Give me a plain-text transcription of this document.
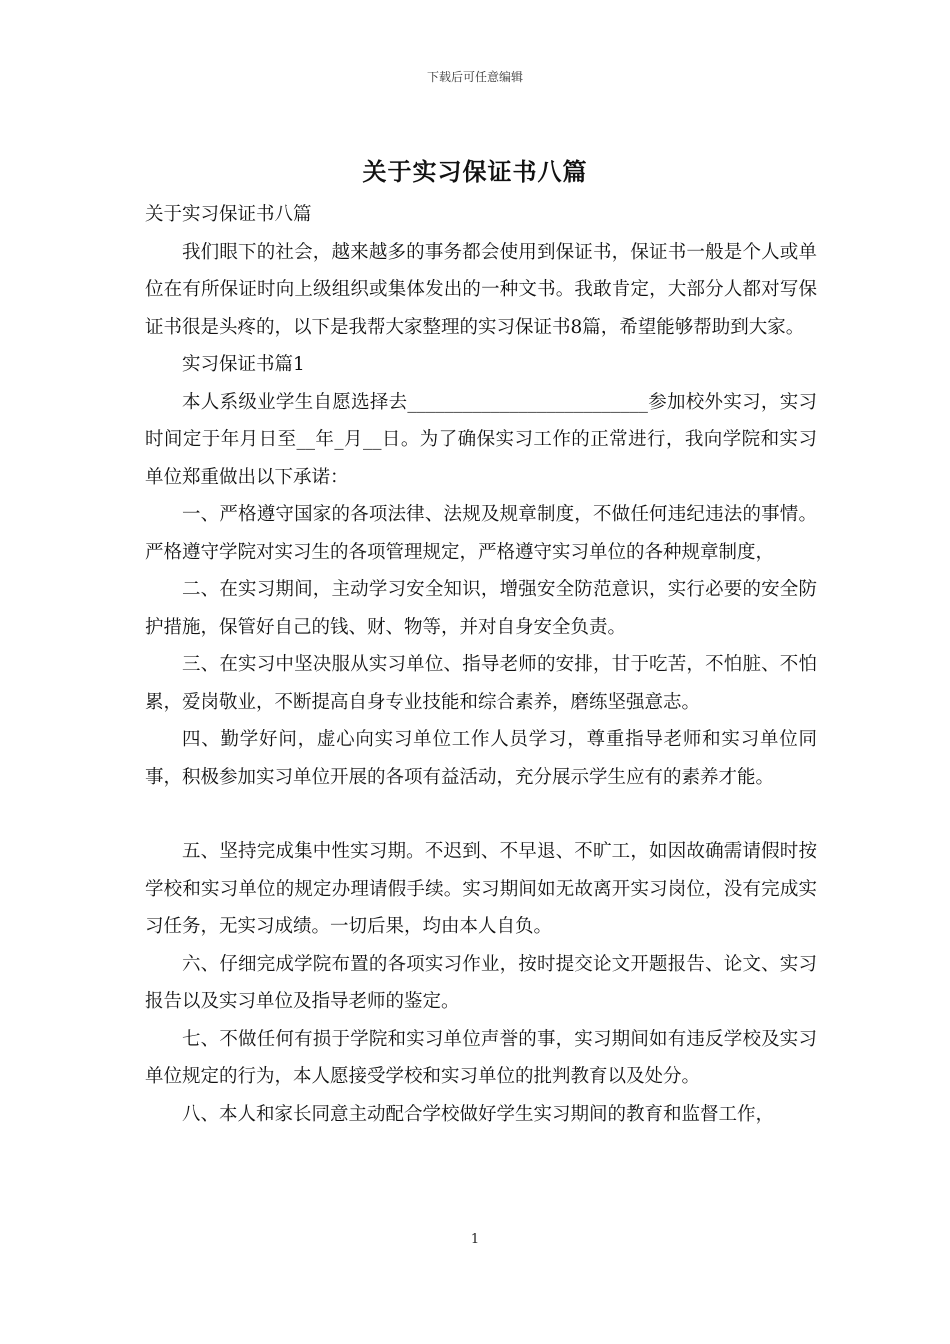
下载后可任意编辑
关于实习保证书八篇

关于实习保证书八篇

我们眼下的社会，越来越多的事务都会使用到保证书，保证书一般是个人或单位在有所保证时向上级组织或集体发出的一种文书。我敢肯定，大部分人都对写保证书很是头疼的，以下是我帮大家整理的实习保证书8篇，希望能够帮助到大家。

实习保证书篇1

本人系级业学生自愿选择去__________________________参加校外实习，实习时间定于年月日至__年_月__日。为了确保实习工作的正常进行，我向学院和实习单位郑重做出以下承诺：

一、严格遵守国家的各项法律、法规及规章制度，不做任何违纪违法的事情。严格遵守学院对实习生的各项管理规定，严格遵守实习单位的各种规章制度，

二、在实习期间，主动学习安全知识，增强安全防范意识，实行必要的安全防护措施，保管好自己的钱、财、物等，并对自身安全负责。

三、在实习中坚决服从实习单位、指导老师的安排，甘于吃苦，不怕脏、不怕累，爱岗敬业，不断提高自身专业技能和综合素养，磨练坚强意志。

四、勤学好问，虚心向实习单位工作人员学习，尊重指导老师和实习单位同事，积极参加实习单位开展的各项有益活动，充分展示学生应有的素养才能。

五、坚持完成集中性实习期。不迟到、不早退、不旷工，如因故确需请假时按学校和实习单位的规定办理请假手续。实习期间如无故离开实习岗位，没有完成实习任务，无实习成绩。一切后果，均由本人自负。

六、仔细完成学院布置的各项实习作业，按时提交论文开题报告、论文、实习报告以及实习单位及指导老师的鉴定。

七、不做任何有损于学院和实习单位声誉的事，实习期间如有违反学校及实习单位规定的行为，本人愿接受学校和实习单位的批判教育以及处分。

八、本人和家长同意主动配合学校做好学生实习期间的教育和监督工作，

1
